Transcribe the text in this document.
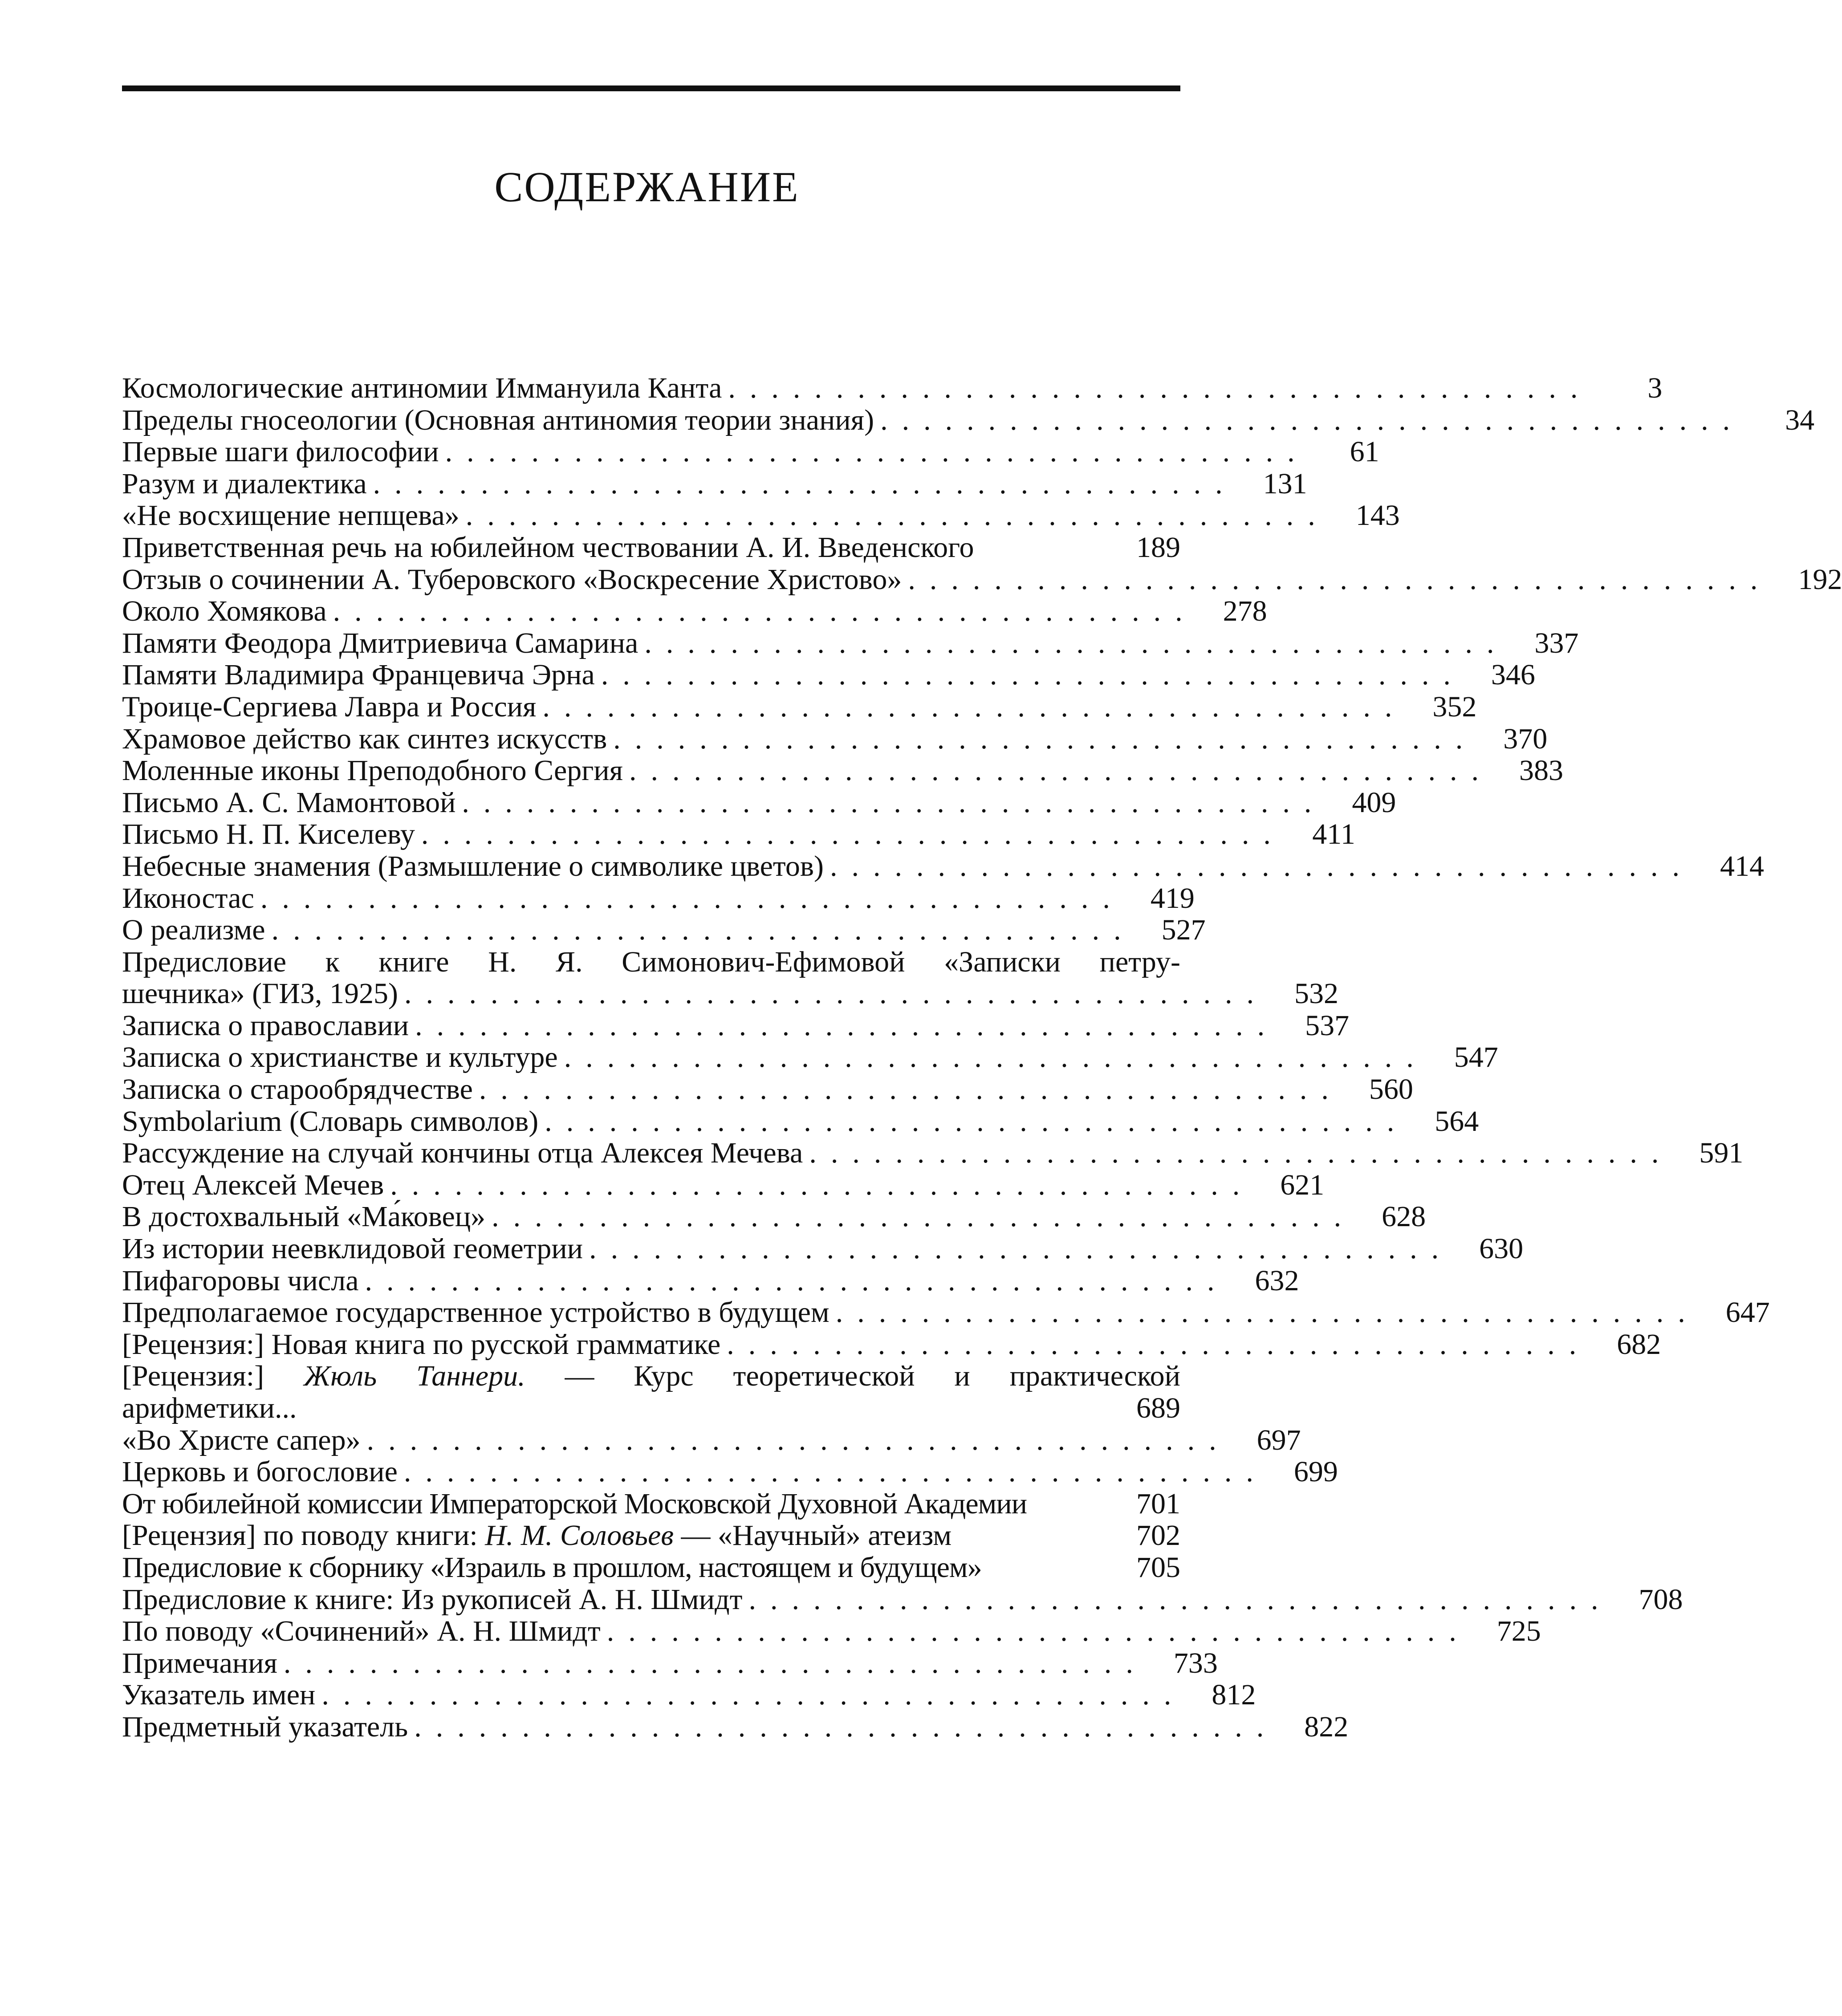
СОДЕРЖАНИЕ
Космологические антиномии Иммануила Канта ........................................	3
Пределы гносеологии (Основная антиномия теории знания) ........................................	34
Первые шаги философии ........................................	61
Разум и диалектика ........................................ 131
«Не восхищение непщева» ........................................ 143
Приветственная речь на юбилейном чествовании А. И. Введенского	189
Отзыв о сочинении А. Туберовского «Воскресение Христово» ........................................ 192
Около Хомякова ........................................ 278
Памяти Феодора Дмитриевича Самарина ........................................ 337
Памяти Владимира Францевича Эрна ........................................ 346
Троице-Сергиева Лавра и Россия ........................................ 352
Храмовое действо как синтез искусств ........................................ 370
Моленные иконы Преподобного Сергия ........................................ 383
Письмо А. С. Мамонтовой ........................................ 409
Письмо Н. П. Киселеву ........................................ 411
Небесные знамения (Размышление о символике цветов) ........................................ 414
Иконостас ........................................ 419
О реализме ........................................ 527
Предисловие к книге Н. Я. Симонович-Ефимовой «Записки петру-
шечника» (ГИЗ, 1925) ........................................ 532
Записка о православии ........................................ 537
Записка о христианстве и культуре ........................................ 547
Записка о старообрядчестве ........................................ 560
Symbolarium (Словарь символов) ........................................ 564
Рассуждение на случай кончины отца Алексея Мечева ........................................ 591
Отец Алексей Мечев ........................................ 621
В достохвальный «Ма́ковец» ........................................ 628
Из истории неевклидовой геометрии ........................................ 630
Пифагоровы числа ........................................ 632
Предполагаемое государственное устройство в будущем ........................................ 647
[Рецензия:] Новая книга по русской грамматике ........................................ 682
[Рецензия:] Жюль Таннери. — Курс теоретической и практической
арифметики...	689
«Во Христе сапер» ........................................ 697
Церковь и богословие ........................................ 699
От юбилейной комиссии Императорской Московской Духовной Академии	701
[Рецензия] по поводу книги: Н. М. Соловьев — «Научный» атеизм	702
Предисловие к сборнику «Израиль в прошлом, настоящем и будущем»	705
Предисловие к книге: Из рукописей А. Н. Шмидт ........................................ 708
По поводу «Сочинений» А. Н. Шмидт ........................................ 725
Примечания ........................................ 733
Указатель имен ........................................ 812
Предметный указатель ........................................ 822
